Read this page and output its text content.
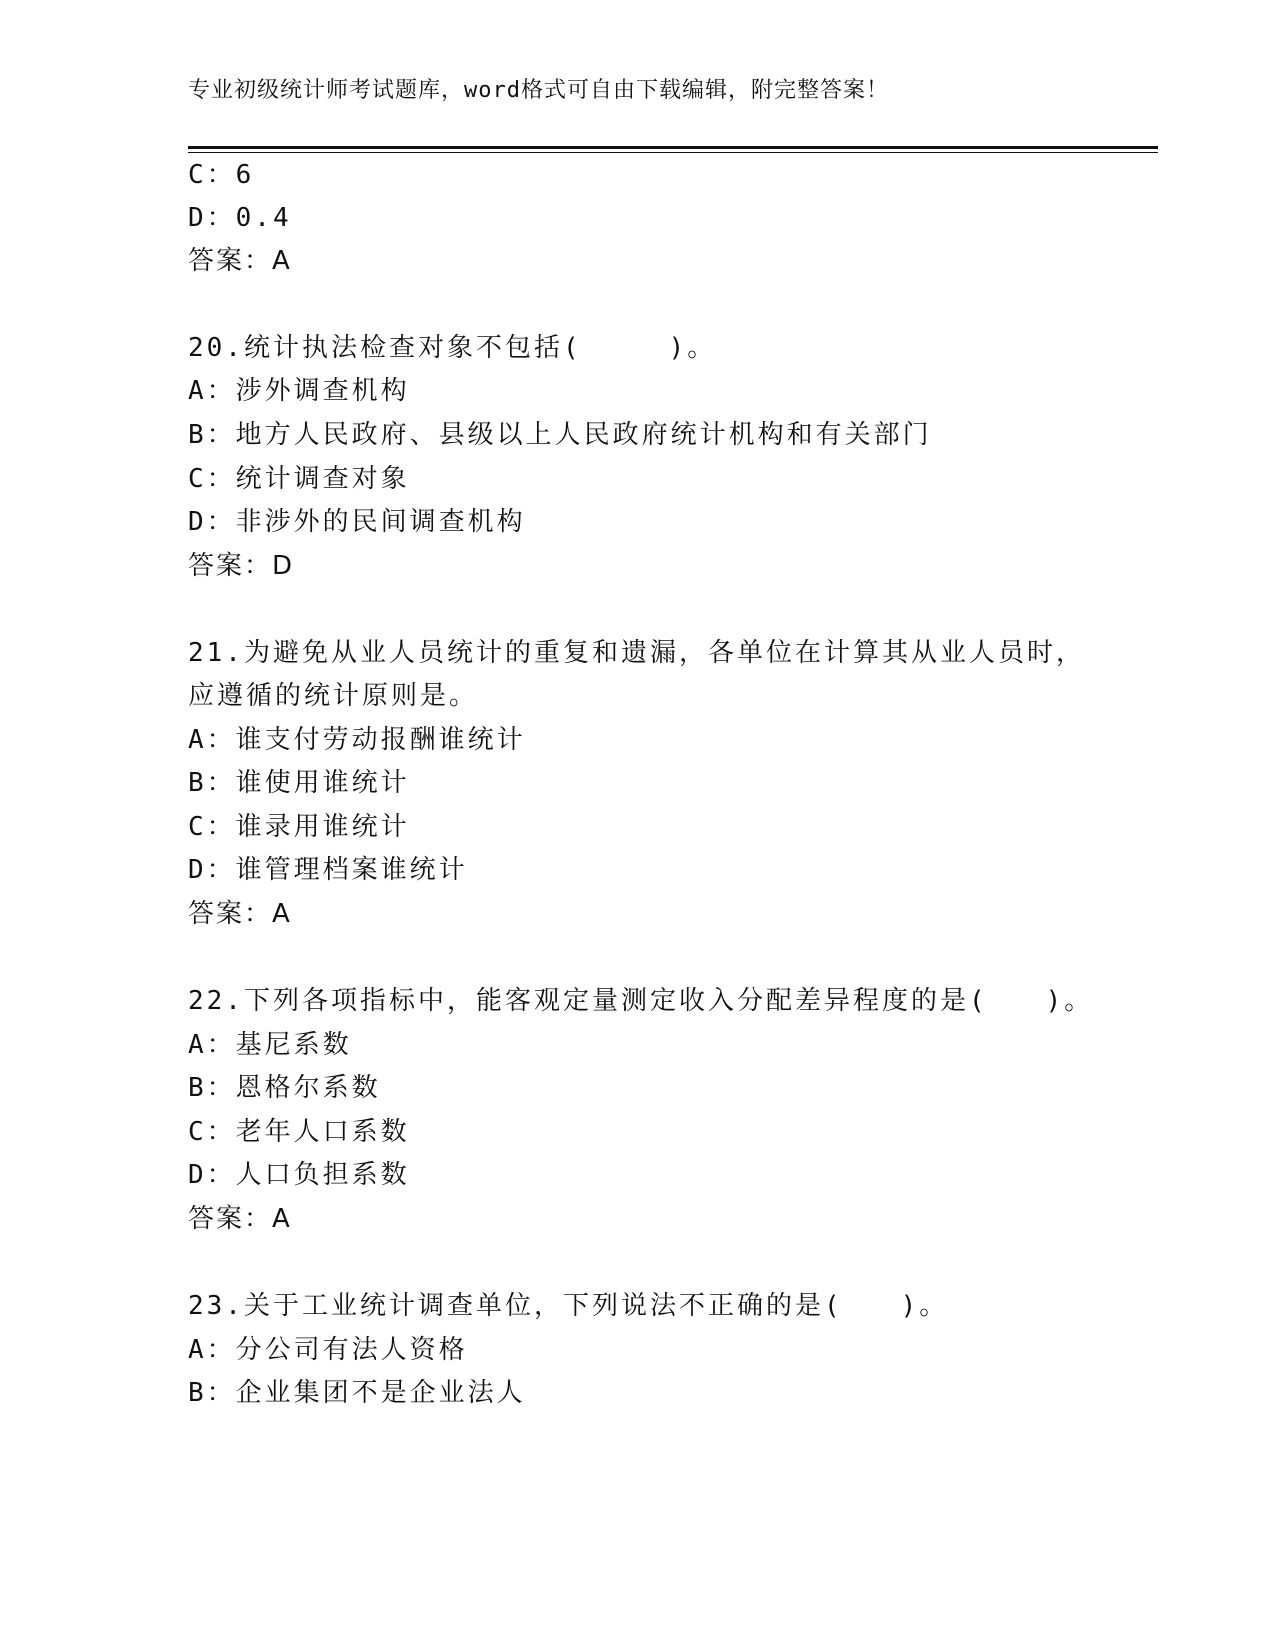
专业初级统计师考试题库，word格式可自由下载编辑，附完整答案！
C：6
D：0.4
答案：A
20.统计执法检查对象不包括(　　　)。
A：涉外调查机构
B：地方人民政府、县级以上人民政府统计机构和有关部门
C：统计调查对象
D：非涉外的民间调查机构
答案：D
21.为避免从业人员统计的重复和遗漏，各单位在计算其从业人员时，
应遵循的统计原则是。
A：谁支付劳动报酬谁统计
B：谁使用谁统计
C：谁录用谁统计
D：谁管理档案谁统计
答案：A
22.下列各项指标中，能客观定量测定收入分配差异程度的是(　　)。
A：基尼系数
B：恩格尔系数
C：老年人口系数
D：人口负担系数
答案：A
23.关于工业统计调查单位，下列说法不正确的是(　　)。
A：分公司有法人资格
B：企业集团不是企业法人
